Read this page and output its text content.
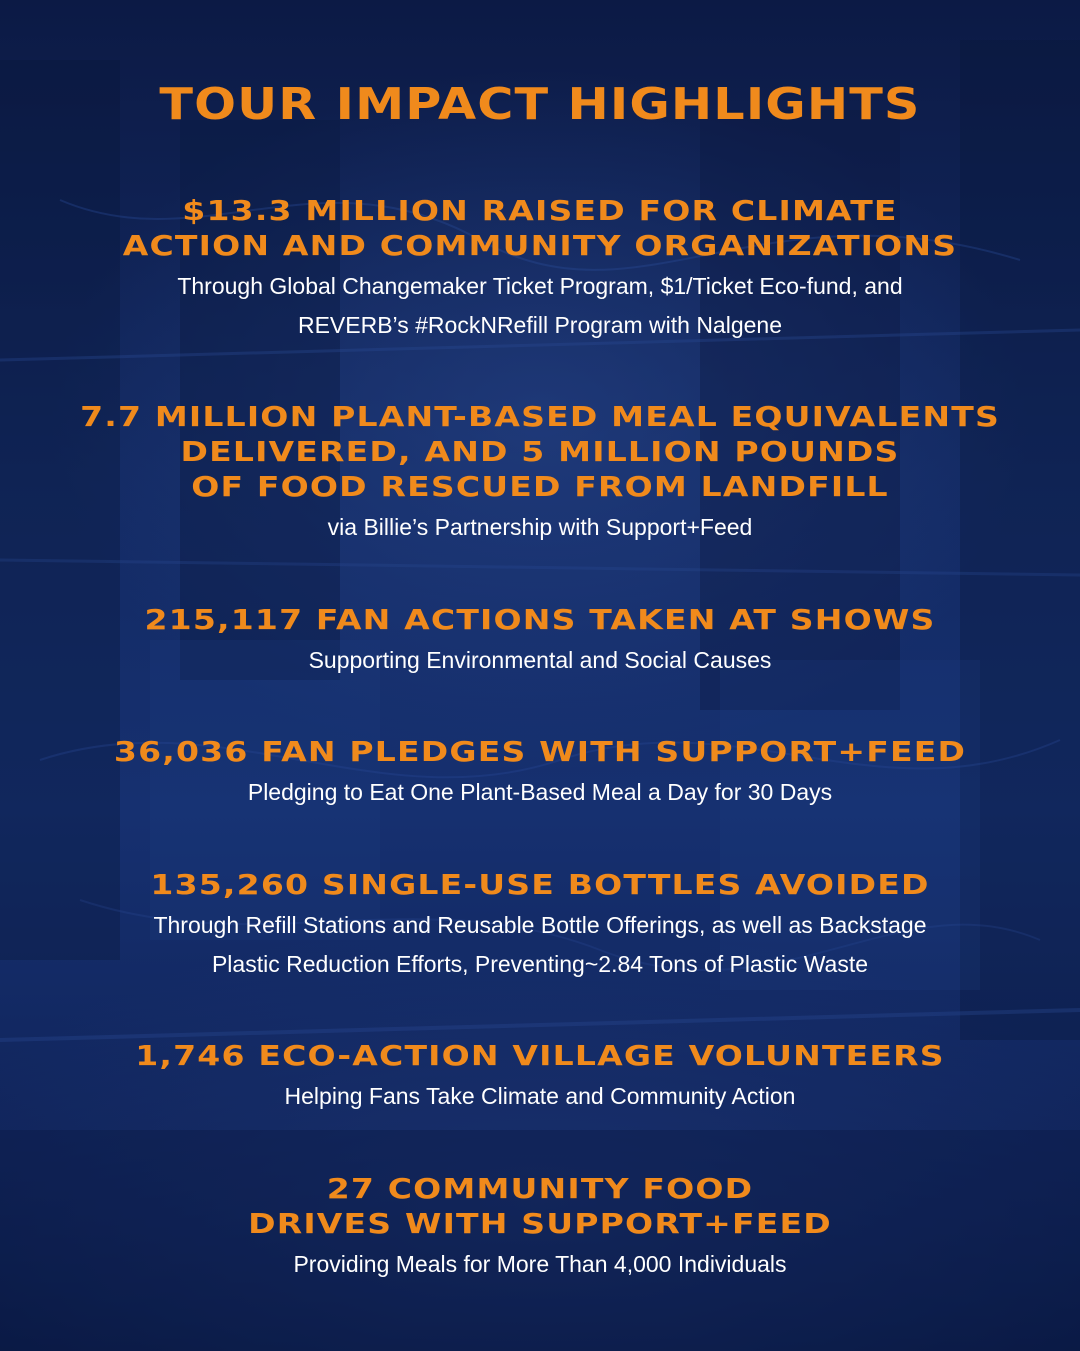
TOUR IMPACT HIGHLIGHTS

$13.3 MILLION RAISED FOR CLIMATE
ACTION AND COMMUNITY ORGANIZATIONS

Through Global Changemaker Ticket Program, $1/Ticket Eco-fund, and
REVERB’s #RockNRefill Program with Nalgene

7.7 MILLION PLANT-BASED MEAL EQUIVALENTS
DELIVERED, AND 5 MILLION POUNDS
OF FOOD RESCUED FROM LANDFILL

via Billie’s Partnership with Support+Feed

215,117 FAN ACTIONS TAKEN AT SHOWS

Supporting Environmental and Social Causes

36,036 FAN PLEDGES WITH SUPPORT+FEED

Pledging to Eat One Plant-Based Meal a Day for 30 Days

135,260 SINGLE-USE BOTTLES AVOIDED

Through Refill Stations and Reusable Bottle Offerings, as well as Backstage
Plastic Reduction Efforts, Preventing~2.84 Tons of Plastic Waste

1,746 ECO-ACTION VILLAGE VOLUNTEERS

Helping Fans Take Climate and Community Action

27 COMMUNITY FOOD
DRIVES WITH SUPPORT+FEED

Providing Meals for More Than 4,000 Individuals
